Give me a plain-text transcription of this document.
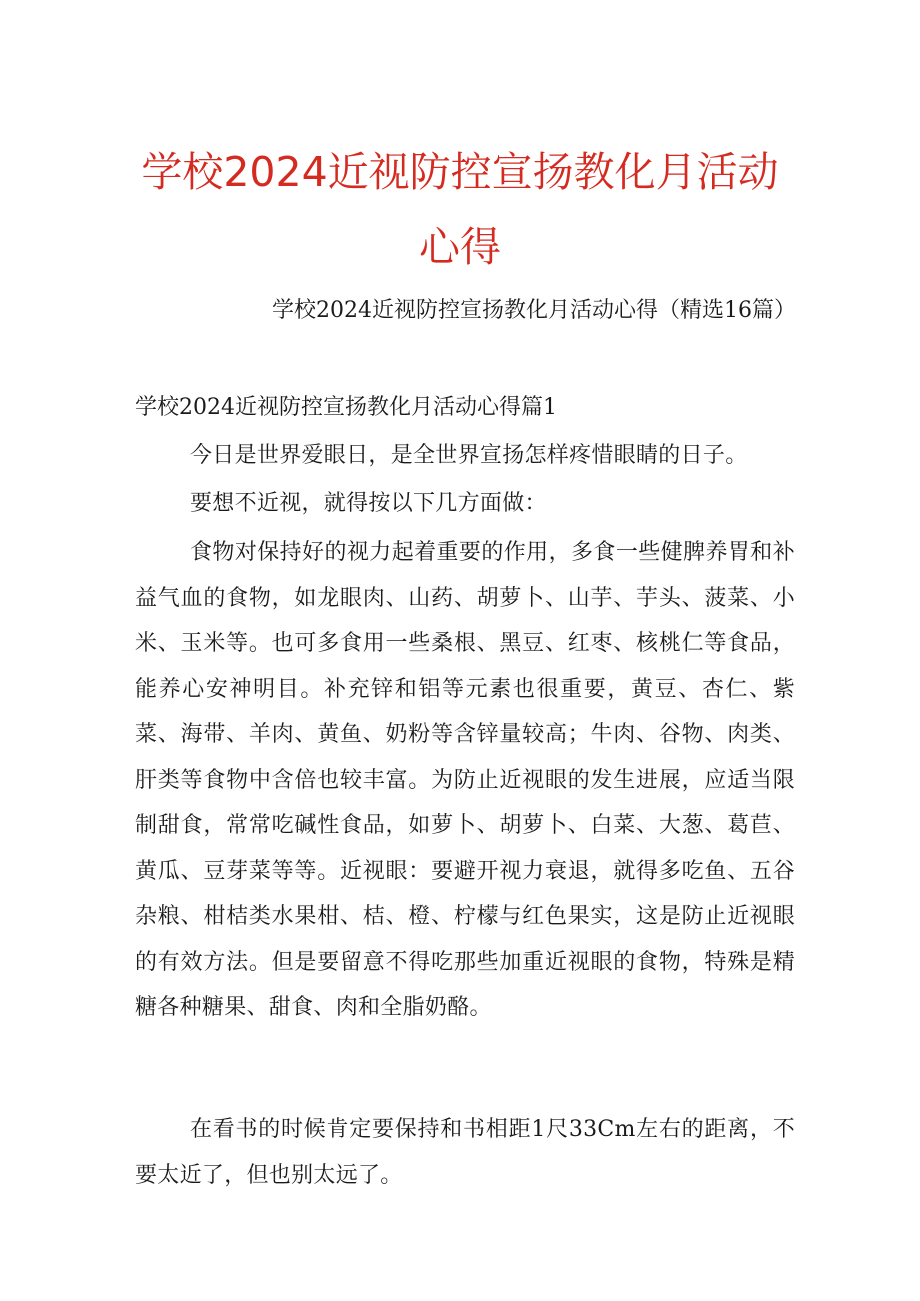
学校2024近视防控宣扬教化月活动
心得
学校2024近视防控宣扬教化月活动心得（精选16篇）
学校2024近视防控宣扬教化月活动心得篇1
今日是世界爱眼日，是全世界宣扬怎样疼惜眼睛的日子。
要想不近视，就得按以下几方面做：
食物对保持好的视力起着重要的作用，多食一些健脾养胃和补益气血的食物，如龙眼肉、山药、胡萝卜、山芋、芋头、菠菜、小米、玉米等。也可多食用一些桑根、黑豆、红枣、核桃仁等食品，能养心安神明目。补充锌和铝等元素也很重要，黄豆、杏仁、紫菜、海带、羊肉、黄鱼、奶粉等含锌量较高；牛肉、谷物、肉类、肝类等食物中含倍也较丰富。为防止近视眼的发生进展，应适当限制甜食，常常吃碱性食品，如萝卜、胡萝卜、白菜、大葱、葛苣、黄瓜、豆芽菜等等。近视眼：要避开视力衰退，就得多吃鱼、五谷杂粮、柑桔类水果柑、桔、橙、柠檬与红色果实，这是防止近视眼的有效方法。但是要留意不得吃那些加重近视眼的食物，特殊是精糖各种糖果、甜食、肉和全脂奶酪。
在看书的时候肯定要保持和书相距1尺33Cm左右的距离，不要太近了，但也别太远了。
